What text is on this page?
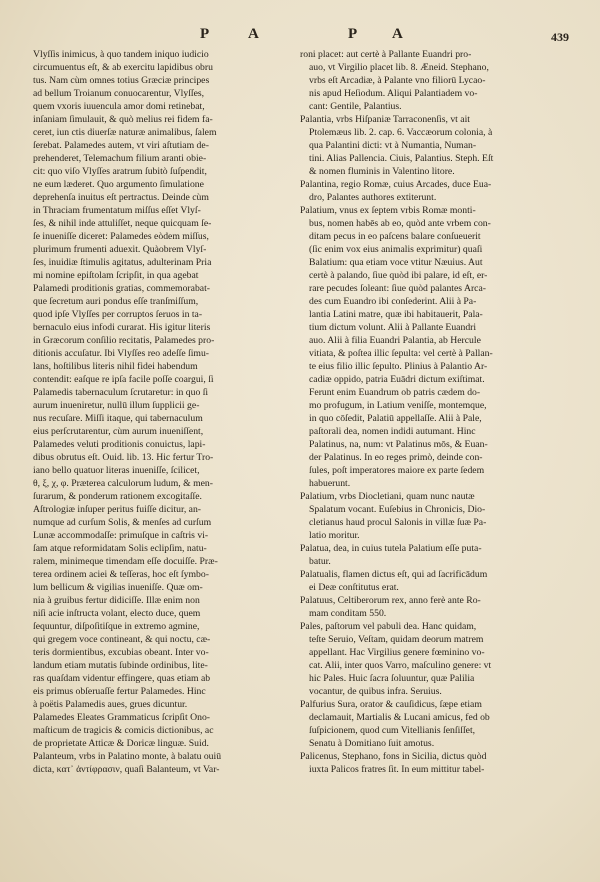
P A	P A	439
Vlyſſis inimicus, à quo tandem iniquo iudicio
circumuentus eſt, & ab exercitu lapidibus obru
tus. Nam cùm omnes totius Græciæ principes
ad bellum Troianum conuocarentur, Vlyſſes,
quem vxoris iuuencula amor domi retinebat,
inſaniam ſimulauit, & quò melius rei fidem fa-
ceret, iun ctis diuerſæ naturæ animalibus, ſalem
ſerebat. Palamedes autem, vt viri aſtutiam de-
prehenderet, Telemachum filium aranti obie-
cit: quo viſo Vlyſſes aratrum ſubitò ſuſpendit,
ne eum læderet. Quo argumento ſimulatione
deprehenſa inuitus eſt pertractus. Deinde cùm
in Thraciam frumentatum miſſus eſſet Vlyſ-
ſes, & nihil inde attuliſſet, neque quicquam ſe-
ſe inueniſſe diceret: Palamedes eòdem miſſus,
plurimum frumenti aduexit. Quàobrem Vlyſ-
ſes, inuidiæ ſtimulis agitatus, adulterinam Pria
mi nomine epiſtolam ſcripſit, in qua agebat
Palamedi proditionis gratias, commemorabat-
que ſecretum auri pondus eſſe tranſmiſſum,
quod ipſe Vlyſſes per corruptos ſeruos in ta-
bernaculo eius infodi curarat. His igitur literis
in Græcorum conſilio recitatis, Palamedes pro-
ditionis accuſatur. Ibi Vlyſſes reo adeſſe ſimu-
lans, hoſtilibus literis nihil fidei habendum
contendit: eaſque re ipſa facile poſſe coargui, ſi
Palamedis tabernaculum ſcrutaretur: in quo ſi
aurum inueniretur, nullū illum ſupplicii ge-
nus recuſare. Miſſi itaque, qui tabernaculum
eius perſcrutarentur, cùm aurum inueniſſent,
Palamedes veluti proditionis conuictus, lapi-
dibus obrutus eſt. Ouid. lib. 13. Hic fertur Tro-
iano bello quatuor literas inueniſſe, ſcilicet,
θ, ξ, χ, φ. Præterea calculorum ludum, & men-
ſurarum, & ponderum rationem excogitaſſe.
Aſtrologiæ inſuper peritus fuiſſe dicitur, an-
numque ad curſum Solis, & menſes ad curſum
Lunæ accommodaſſe: primuſque in caſtris vi-
ſam atque reformidatam Solis eclipſim, natu-
ralem, minimeque timendam eſſe docuiſſe. Præ-
terea ordinem aciei & teſſeras, hoc eſt ſymbo-
lum bellicum & vigilias inueniſſe. Quæ om-
nia à gruibus fertur didiciſſe. Illæ enim non
niſi acie inſtructa volant, electo duce, quem
ſequuntur, diſpoſitiſque in extremo agmine,
qui gregem voce contineant, & qui noctu, cæ-
teris dormientibus, excubias obeant. Inter vo-
landum etiam mutatis ſubinde ordinibus, lite-
ras quaſdam videntur effingere, quas etiam ab
eis primus obſeruaſſe fertur Palamedes. Hinc
à poëtis Palamedis aues, grues dicuntur.
Palamedes Eleates Grammaticus ſcripſit Ono-
maſticum de tragicis & comicis dictionibus, ac
de proprietate Atticæ & Doricæ linguæ. Suid.
Palanteum, vrbs in Palatino monte, à balatu ouiū
dicta, κατ᾽ ἀντίφρασιν, quaſi Balanteum, vt Var-
roni placet: aut certè à Pallante Euandri pro-
auo, vt Virgilio placet lib. 8. Æneid. Stephano,
vrbs eſt Arcadiæ, à Palante vno filiorū Lycao-
nis apud Heſiodum. Aliqui Palantiadem vo-
cant: Gentile, Palantius.
Palantia, vrbs Hiſpaniæ Tarraconenſis, vt ait
Ptolemæus lib. 2. cap. 6. Vaccæorum colonia, à
qua Palantini dicti: vt à Numantia, Numan-
tini. Alias Pallencia. Ciuis, Palantius. Steph. Eſt
& nomen fluminis in Valentino litore.
Palantina, regio Romæ, cuius Arcades, duce Eua-
dro, Palantes authores extiterunt.
Palatium, vnus ex ſeptem vrbis Romæ monti-
bus, nomen habēs ab eo, quòd ante vrbem con-
ditam pecus in eo paſcens balare conſueuerit
(ſic enim vox eius animalis exprimitur) quaſi
Balatium: qua etiam voce vtitur Næuius. Aut
certè à palando, ſiue quòd ibi palare, id eſt, er-
rare pecudes ſoleant: ſiue quòd palantes Arca-
des cum Euandro ibi conſederint. Alii à Pa-
lantia Latini matre, quæ ibi habitauerit, Pala-
tium dictum volunt. Alii à Pallante Euandri
auo. Alii à filia Euandri Palantia, ab Hercule
vitiata, & poſtea illic ſepulta: vel certè à Pallan-
te eius filio illic ſepulto. Plinius à Palantio Ar-
cadiæ oppido, patria Euādri dictum exiſtimat.
Ferunt enim Euandrum ob patris cædem do-
mo profugum, in Latium veniſſe, montemque,
in quo cōſedit, Palatiū appellaſſe. Alii à Pale,
paſtorali dea, nomen indidi autumant. Hinc
Palatinus, na, num: vt Palatinus mōs, & Euan-
der Palatinus. In eo reges primò, deinde con-
ſules, poſt imperatores maiore ex parte ſedem
habuerunt.
Palatium, vrbs Diocletiani, quam nunc nautæ
Spalatum vocant. Euſebius in Chronicis, Dio-
cletianus haud procul Salonis in villæ ſuæ Pa-
latio moritur.
Palatua, dea, in cuius tutela Palatium eſſe puta-
batur.
Palatualis, flamen dictus eſt, qui ad ſacrificādum
ei Deæ conſtitutus erat.
Palatuus, Celtiberorum rex, anno ferè ante Ro-
mam conditam 550.
Pales, paſtorum vel pabuli dea. Hanc quidam,
teſte Seruio, Veſtam, quidam deorum matrem
appellant. Hac Virgilius genere fœminino vo-
cat. Alii, inter quos Varro, maſculino genere: vt
hic Pales. Huic ſacra ſoluuntur, quæ Palilia
vocantur, de quibus infra. Seruius.
Palfurius Sura, orator & cauſidicus, ſæpe etiam
declamauit, Martialis & Lucani amicus, fed ob
ſuſpicionem, quod cum Vitellianis ſenſiſſet,
Senatu à Domitiano ſuit amotus.
Palicenus, Stephano, fons in Sicilia, dictus quòd
iuxta Palicos fratres ſit. In eum mittitur tabel-
